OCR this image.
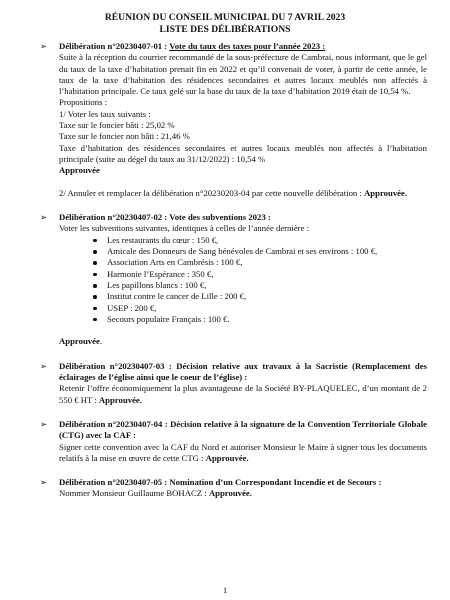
RÉUNION DU CONSEIL MUNICIPAL DU 7 AVRIL 2023
LISTE DES DÉLIBÉRATIONS
➢ Délibération n°20230407-01 : Vote du taux des taxes pour l’année 2023 :

Suite à la réception du courrier recommandé de la sous-préfecture de Cambrai, nous informant, que le gel du taux de la taxe d’habitation prenait fin en 2022 et qu’il convenait de voter, à partir de cette année, le taux de la taxe d’habitation des résidences secondaires et autres locaux meublés non affectés à l’habitation principale. Ce taux gelé sur la base du taux de la taxe d’habitation 2019 était de 10,54 %.

Propositions :

1/ Voter les taux suivants :

Taxe sur le foncier bâti : 25,02 %

Taxe sur le foncier non bâti : 21,46 %

Taxe d’habitation des résidences secondaires et autres locaux meublés non affectés à l’habitation principale (suite au dégel du taux au 31/12/2022) : 10,54 %

Approuvée

2/ Annuler et remplacer la délibération n°20230203-04 par cette nouvelle délibération : Approuvée.

➢ Délibération n°20230407-02 : Vote des subventions 2023 :

Voter les subventions suivantes, identiques à celles de l’année dernière :

Les restaurants du cœur : 150 €,
Amicale des Donneurs de Sang bénévoles de Cambrai et ses environs : 100 €,
Association Arts en Cambrésis : 100 €,
Harmonie l’Espérance : 350 €,
Les papillons blancs : 100 €,
Institut contre le cancer de Lille : 200 €,
USEP : 200 €,
Secours populaire Français : 100 €.

Approuvée.

➢ Délibération n°20230407-03 : Décision relative aux travaux à la Sacristie (Remplacement des éclairages de l’église ainsi que le coeur de l’église) :

Retenir l’offre économiquement la plus avantageuse de la Société BY-PLAQUELEC, d’un montant de 2 550 € HT : Approuvée.

➢ Délibération n°20230407-04 : Décision relative à la signature de la Convention Territoriale Globale (CTG) avec la CAF :

Signer cette convention avec la CAF du Nord et autoriser Monsieur le Maire à signer tous les documents relatifs à la mise en œuvre de cette CTG : Approuvée.

➢ Délibération n°20230407-05 : Nomination d’un Correspondant Incendie et de Secours :

Nommer Monsieur Guillaume BOHACZ : Approuvée.

1
